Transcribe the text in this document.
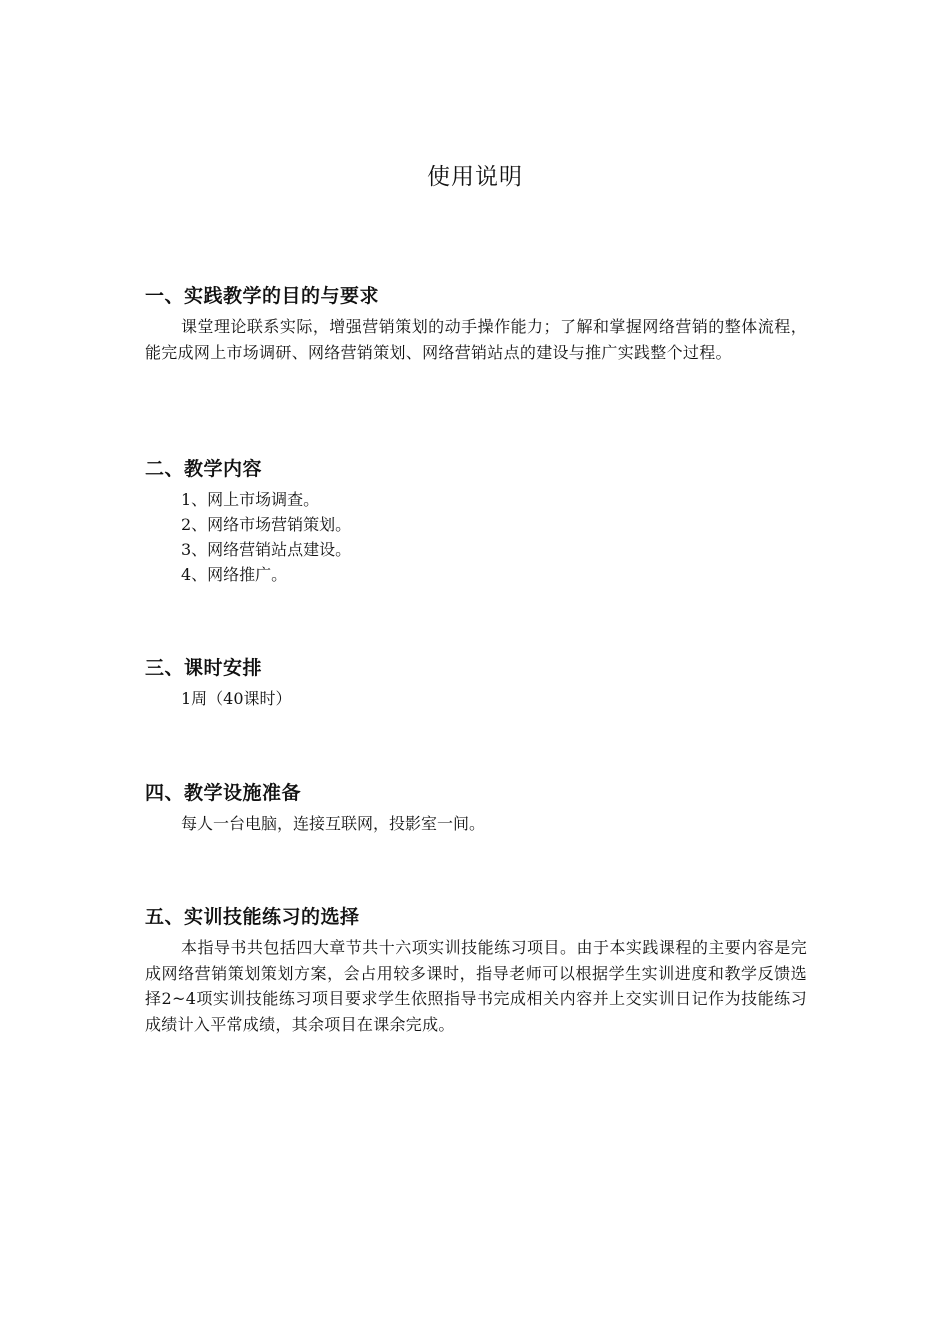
使用说明
一、实践教学的目的与要求

课堂理论联系实际，增强营销策划的动手操作能力；了解和掌握网络营销的整体流程，能完成网上市场调研、网络营销策划、网络营销站点的建设与推广实践整个过程。

二、教学内容
1、网上市场调查。
2、网络市场营销策划。
3、网络营销站点建设。
4、网络推广。
三、课时安排

1周（40课时）

四、教学设施准备

每人一台电脑，连接互联网，投影室一间。

五、实训技能练习的选择

本指导书共包括四大章节共十六项实训技能练习项目。由于本实践课程的主要内容是完成网络营销策划策划方案，会占用较多课时，指导老师可以根据学生实训进度和教学反馈选择2~4项实训技能练习项目要求学生依照指导书完成相关内容并上交实训日记作为技能练习成绩计入平常成绩，其余项目在课余完成。
